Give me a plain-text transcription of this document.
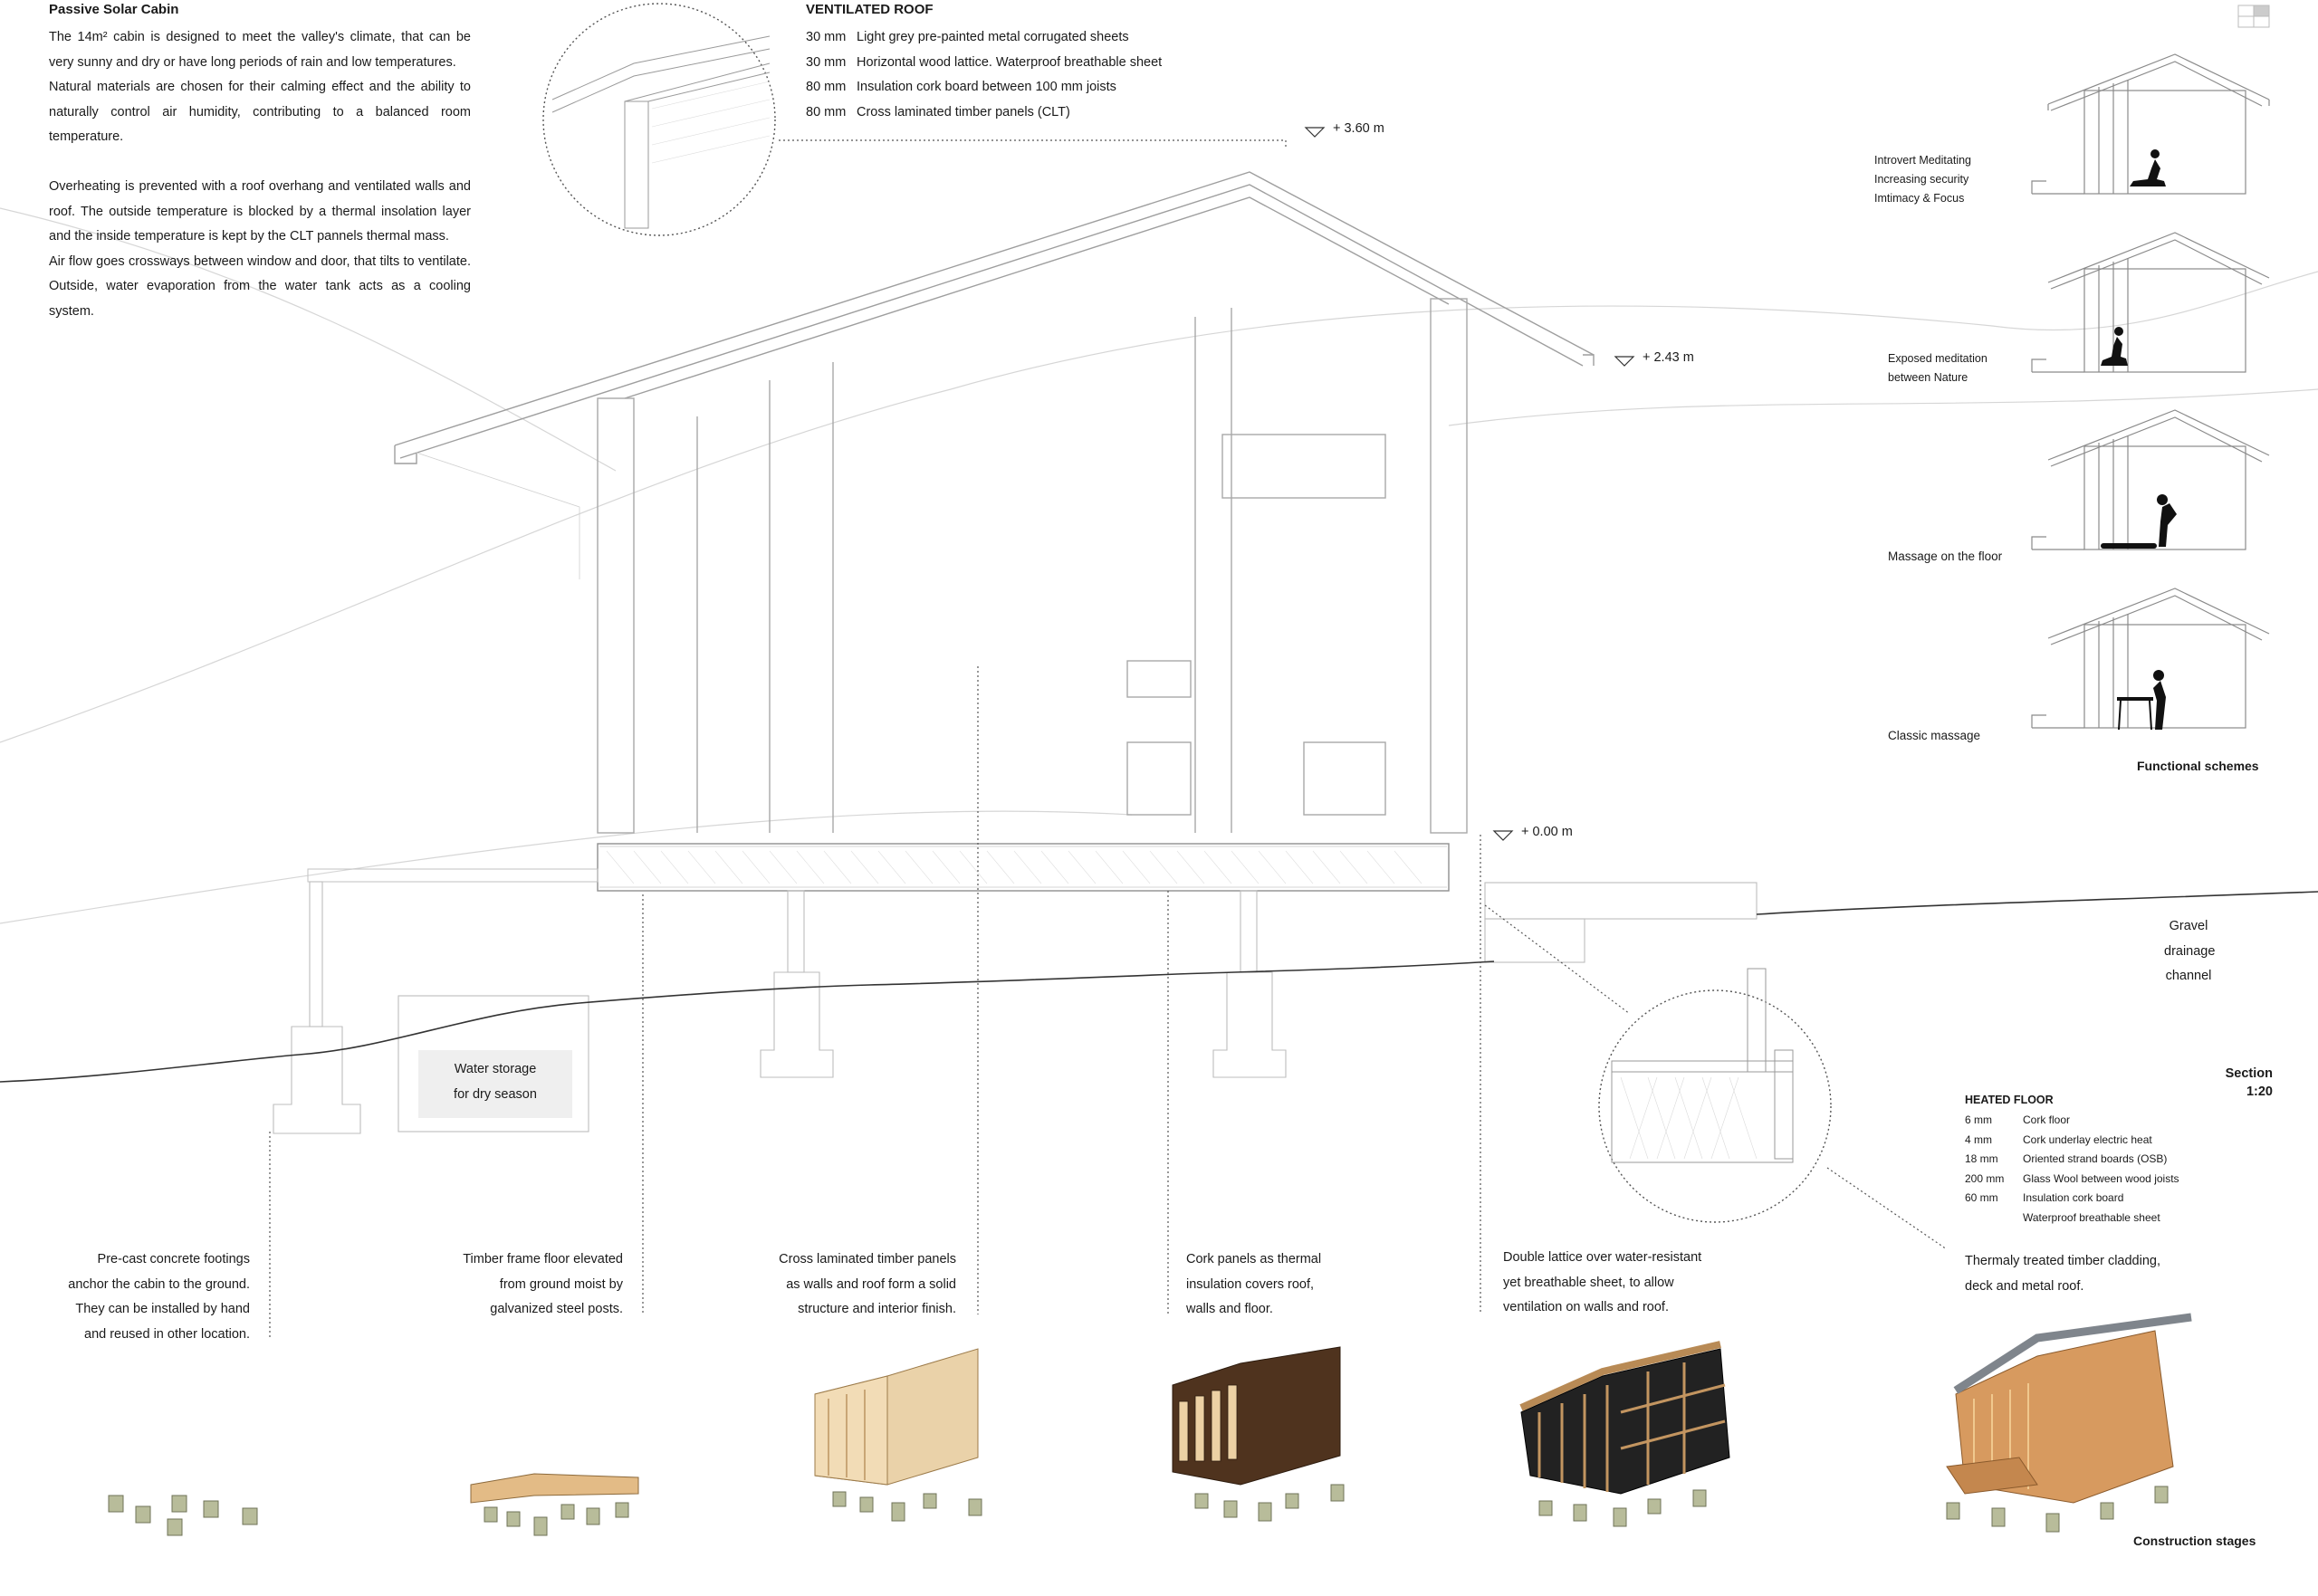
Passive Solar Cabin

The 14m² cabin is designed to meet the valley's climate, that can be very sunny and dry or have long periods of rain and low temperatures.

Natural materials are chosen for their calming effect and the ability to naturally control air humidity, contributing to a balanced room temperature.

Overheating is prevented with a roof overhang and ventilated walls and roof. The outside temperature is blocked by a thermal insolation layer and the inside temperature is kept by the CLT pannels thermal mass.

Air flow goes crossways between window and door, that tilts to ventilate. Outside, water evaporation from the water tank acts as a cooling system.

VENTILATED ROOF
30 mm Light grey pre-painted metal corrugated sheets
30 mm Horizontal wood lattice. Waterproof breathable sheet
80 mm Insulation cork board between 100 mm joists
80 mm Cross laminated timber panels (CLT)
+ 3.60 m
+ 2.43 m
+ 0.00 m
Introvert Meditating
Increasing security
Imtimacy & Focus
Exposed meditation
between Nature
Massage on the floor
Classic massage
Functional schemes
Gravel
drainage
channel
Water storage
for dry season
Section
1:20
HEATED FLOOR
6 mm	Cork floor
4 mm	Cork underlay electric heat
18 mm	Oriented strand boards (OSB)
200 mm	Glass Wool between wood joists
60 mm	Insulation cork board
Waterproof breathable sheet
Pre-cast concrete footings
anchor the cabin to the ground.
They can be installed by hand
and reused in other location.
Timber frame floor elevated
from ground moist by
galvanized steel posts.
Cross laminated timber panels
as walls and roof form a solid
structure and interior finish.
Cork panels as thermal
insulation covers roof,
walls and floor.
Double lattice over water-resistant
yet breathable sheet, to allow
ventilation on walls and roof.
Thermaly treated timber cladding,
deck and metal roof.
Construction stages
